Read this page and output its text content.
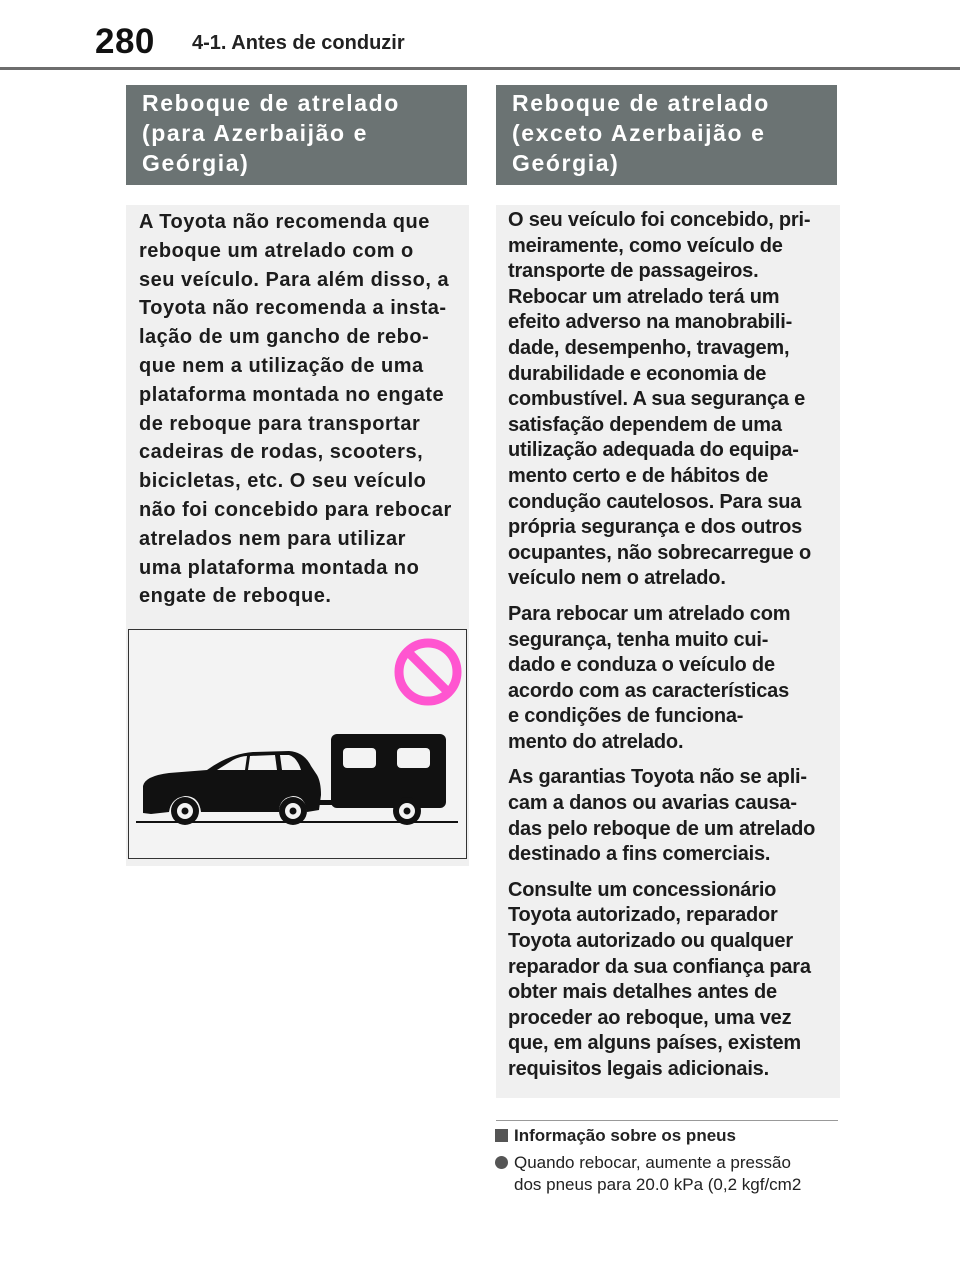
280 4-1. Antes de conduzir
Reboque de atrelado
(para Azerbaijão e
Geórgia)
Reboque de atrelado
(exceto Azerbaijão e
Geórgia)
A Toyota não recomenda que
reboque um atrelado com o
seu veículo. Para além disso, a
Toyota não recomenda a insta-
lação de um gancho de rebo-
que nem a utilização de uma
plataforma montada no engate
de reboque para transportar
cadeiras de rodas, scooters,
bicicletas, etc. O seu veículo
não foi concebido para rebocar
atrelados nem para utilizar
uma plataforma montada no
engate de reboque.

O seu veículo foi concebido, pri-
meiramente, como veículo de
transporte de passageiros.
Rebocar um atrelado terá um
efeito adverso na manobrabili-
dade, desempenho, travagem,
durabilidade e economia de
combustível. A sua segurança e
satisfação dependem de uma
utilização adequada do equipa-
mento certo e de hábitos de
condução cautelosos. Para sua
própria segurança e dos outros
ocupantes, não sobrecarregue o
veículo nem o atrelado.

Para rebocar um atrelado com
segurança, tenha muito cui-
dado e conduza o veículo de
acordo com as características
e condições de funciona-
mento do atrelado.

As garantias Toyota não se apli-
cam a danos ou avarias causa-
das pelo reboque de um atrelado
destinado a fins comerciais.

Consulte um concessionário
Toyota autorizado, reparador
Toyota autorizado ou qualquer
reparador da sua confiança para
obter mais detalhes antes de
proceder ao reboque, uma vez
que, em alguns países, existem
requisitos legais adicionais.

Informação sobre os pneus
Quando rebocar, aumente a pressão
dos pneus para 20.0 kPa (0,2 kgf/cm2
